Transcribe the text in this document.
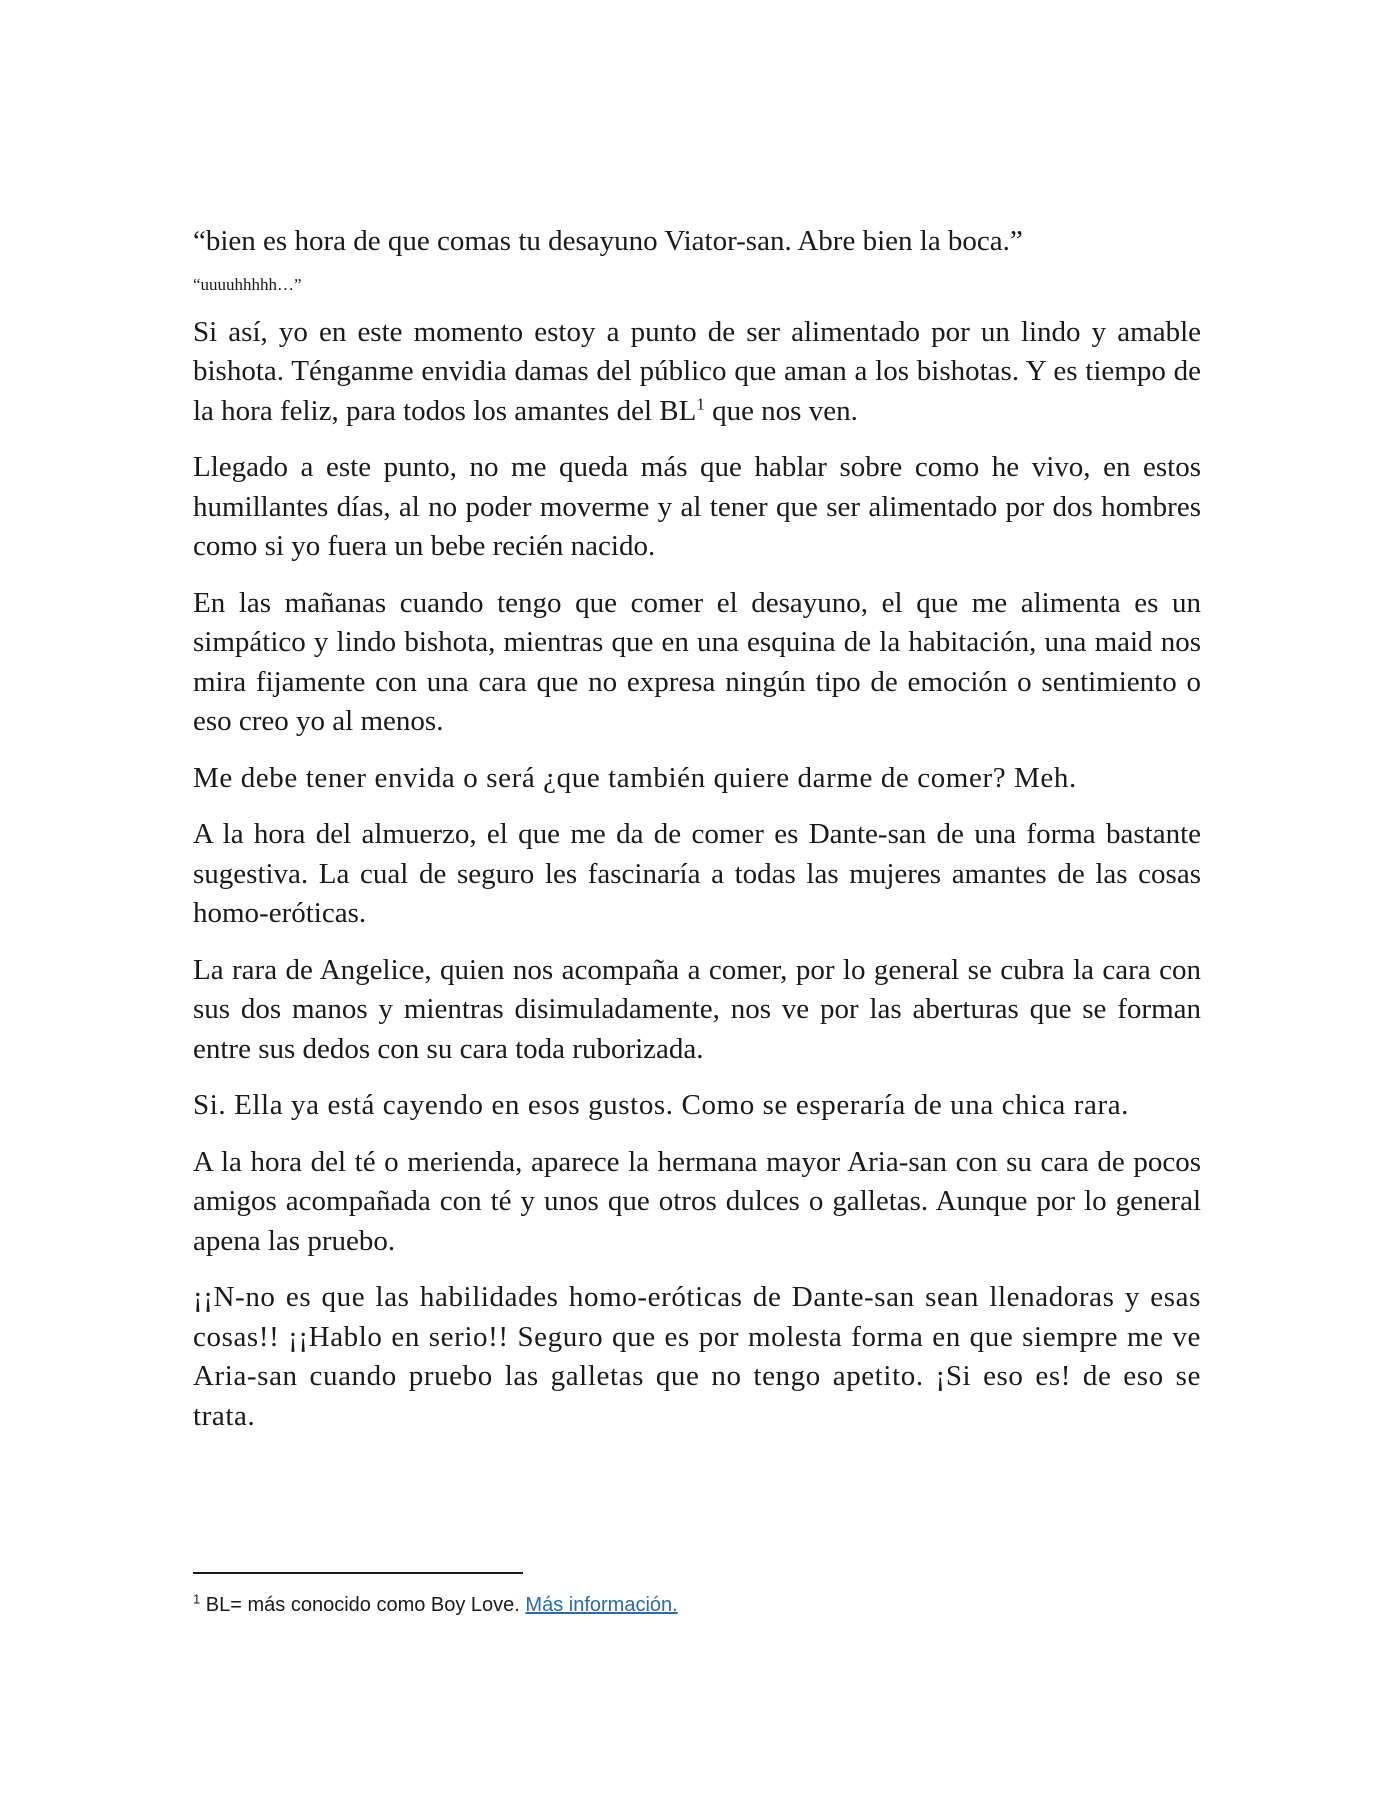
“bien es hora de que comas tu desayuno Viator-san. Abre bien la boca.”

“uuuuhhhhh…”

Si así, yo en este momento estoy a punto de ser alimentado por un lindo y amable bishota. Ténganme envidia damas del público que aman a los bishotas. Y es tiempo de la hora feliz, para todos los amantes del BL$^1$ que nos ven.

Llegado a este punto, no me queda más que hablar sobre como he vivo, en estos humillantes días, al no poder moverme y al tener que ser alimentado por dos hombres como si yo fuera un bebe recién nacido.

En las mañanas cuando tengo que comer el desayuno, el que me alimenta es un simpático y lindo bishota, mientras que en una esquina de la habitación, una maid nos mira fijamente con una cara que no expresa ningún tipo de emoción o sentimiento o eso creo yo al menos.

Me debe tener envida o será ¿que también quiere darme de comer? Meh.

A la hora del almuerzo, el que me da de comer es Dante-san de una forma bastante sugestiva. La cual de seguro les fascinaría a todas las mujeres amantes de las cosas homo-eróticas.

La rara de Angelice, quien nos acompaña a comer, por lo general se cubra la cara con sus dos manos y mientras disimuladamente, nos ve por las aberturas que se forman entre sus dedos con su cara toda ruborizada.

Si. Ella ya está cayendo en esos gustos. Como se esperaría de una chica rara.

A la hora del té o merienda, aparece la hermana mayor Aria-san con su cara de pocos amigos acompañada con té y unos que otros dulces o galletas. Aunque por lo general apena las pruebo.

¡¡N-no es que las habilidades homo-eróticas de Dante-san sean llenadoras y esas cosas!! ¡¡Hablo en serio!! Seguro que es por molesta forma en que siempre me ve Aria-san cuando pruebo las galletas que no tengo apetito. ¡Si eso es! de eso se trata.

$^1$ BL= más conocido como Boy Love. Más información.
